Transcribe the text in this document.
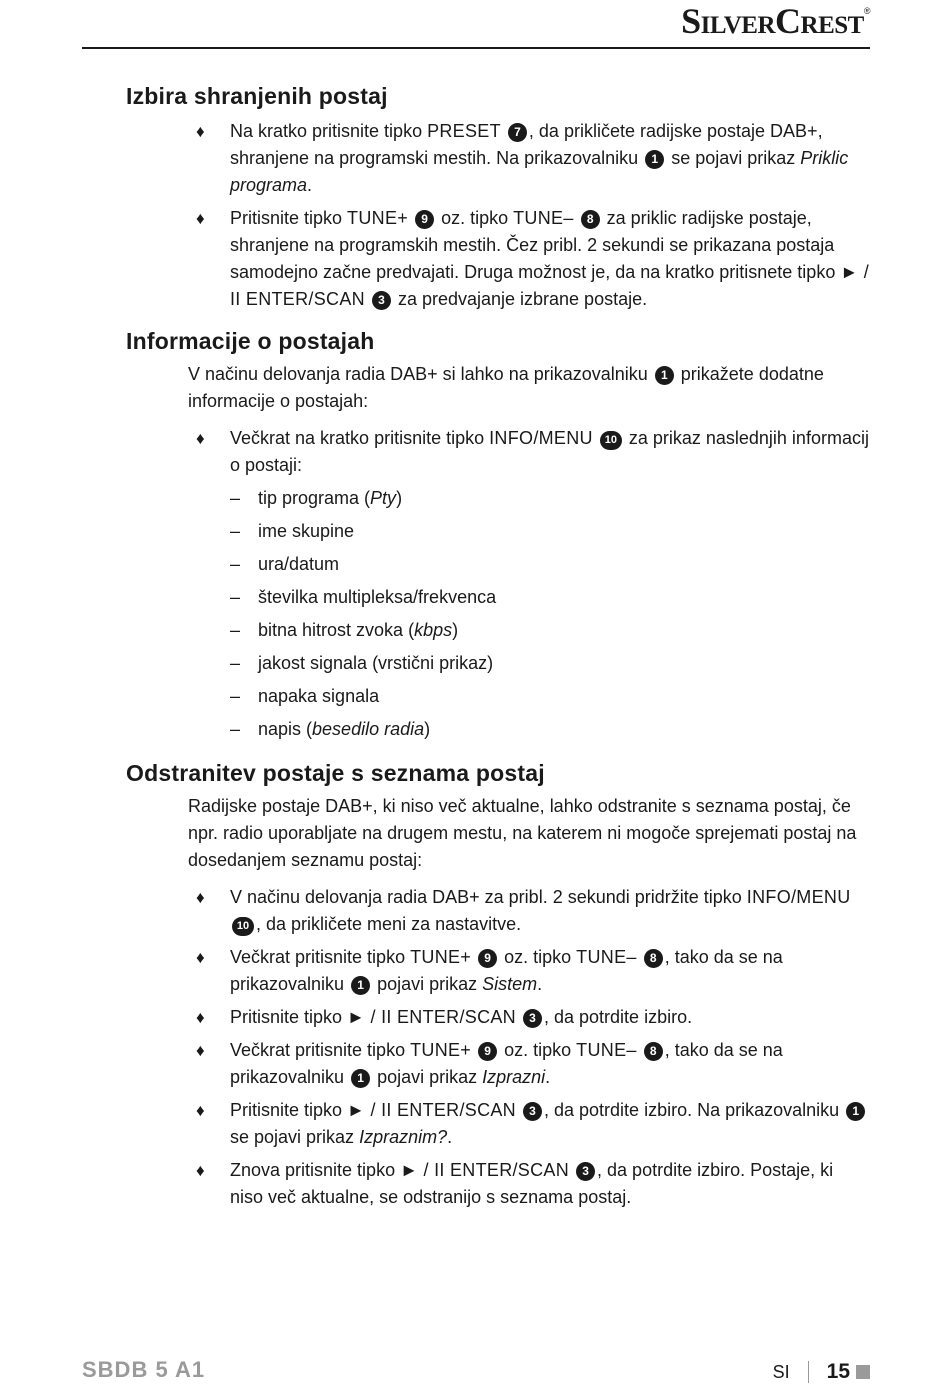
SilverCrest®
Izbira shranjenih postaj
♦ Na kratko pritisnite tipko PRESET 7 , da prikličete radijske postaje DAB+, shranjene na programski mestih. Na prikazovalniku 1 se pojavi prikaz Priklic programa.
♦ Pritisnite tipko TUNE+ 9 oz. tipko TUNE– 8 za priklic radijske postaje, shranjene na programskih mestih. Čez pribl. 2 sekundi se prikazana postaja samodejno začne predvajati. Druga možnost je, da na kratko pritisnete tipko ► / II ENTER/SCAN 3 za predvajanje izbrane postaje.
Informacije o postajah

V načinu delovanja radia DAB+ si lahko na prikazovalniku 1 prikažete dodatne informacije o postajah:

♦ Večkrat na kratko pritisnite tipko INFO/MENU 10 za prikaz naslednjih informacij o postaji:
– tip programa (Pty)
– ime skupine
– ura/datum
– številka multipleksa/frekvenca
– bitna hitrost zvoka (kbps)
– jakost signala (vrstični prikaz)
– napaka signala
– napis (besedilo radia)
Odstranitev postaje s seznama postaj

Radijske postaje DAB+, ki niso več aktualne, lahko odstranite s seznama postaj, če npr. radio uporabljate na drugem mestu, na katerem ni mogoče sprejemati postaj na dosedanjem seznamu postaj:

♦ V načinu delovanja radia DAB+ za pribl. 2 sekundi pridržite tipko INFO/MENU 10 , da prikličete meni za nastavitve.
♦ Večkrat pritisnite tipko TUNE+ 9 oz. tipko TUNE– 8 , tako da se na prikazovalniku 1 pojavi prikaz Sistem.
♦ Pritisnite tipko ► / II ENTER/SCAN 3 , da potrdite izbiro.
♦ Večkrat pritisnite tipko TUNE+ 9 oz. tipko TUNE– 8 , tako da se na prikazovalniku 1 pojavi prikaz Izprazni.
♦ Pritisnite tipko ► / II ENTER/SCAN 3 , da potrdite izbiro. Na prikazovalniku 1 se pojavi prikaz Izpraznim?.
♦ Znova pritisnite tipko ► / II ENTER/SCAN 3 , da potrdite izbiro. Postaje, ki niso več aktualne, se odstranijo s seznama postaj.
SBDB 5 A1	SI 15
